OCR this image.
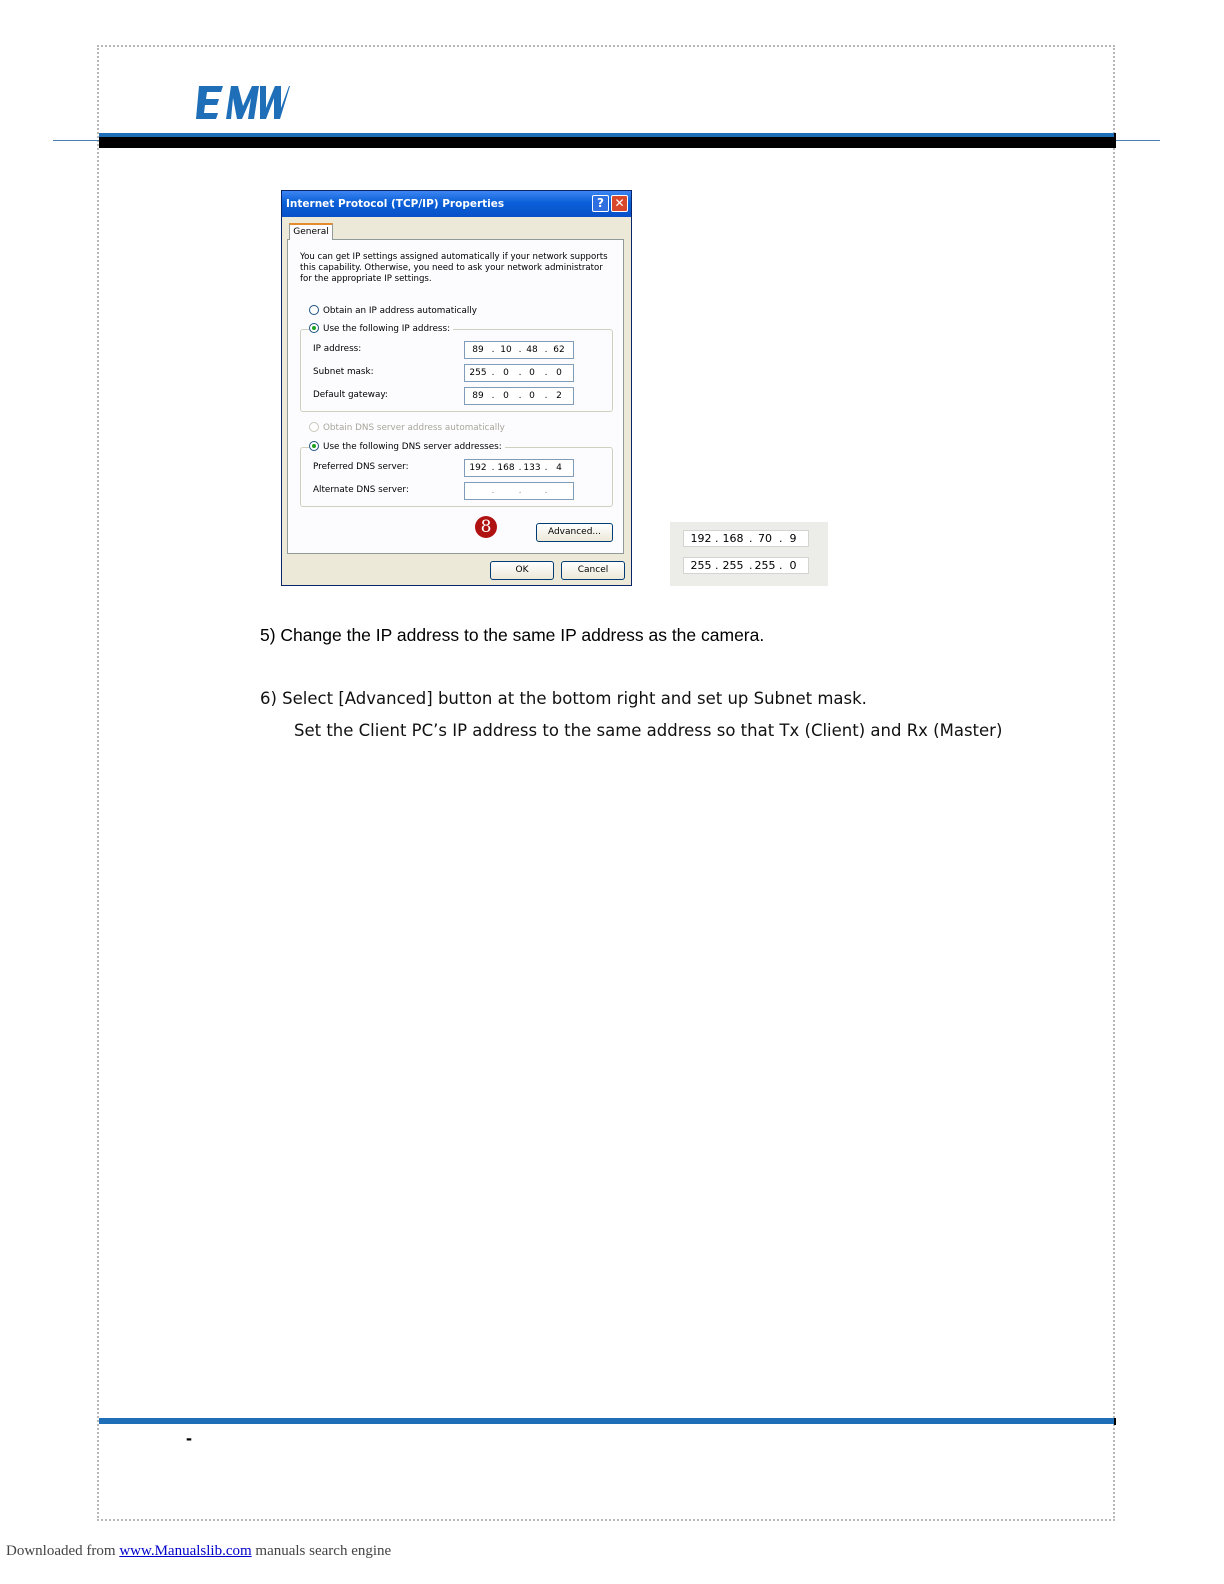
Internet Protocol (TCP/IP) Properties	? ✕
General
You can get IP settings assigned automatically if your network supports this capability. Otherwise, you need to ask your network administrator for the appropriate IP settings.
Obtain an IP address automatically
Use the following IP address:
IP address:	89 . 10 . 48 . 62
Subnet mask:	255 . 0	. 0	. 0
Default gateway:	89 . 0	. 0	. 2
Obtain DNS server address automatically
Use the following DNS server addresses:
Preferred DNS server:	192 . 168 . 133 . 4
Alternate DNS server:	.	.	.
Advanced...
OK	Cancel
8
192 . 168 . 70 . 9
255 . 255 . 255 . 0
5) Change the IP address to the same IP address as the camera.
6) Select [Advanced] button at the bottom right and set up Subnet mask.
Set the Client PC’s IP address to the same address so that Tx (Client) and Rx (Master)
-
Downloaded from www.Manualslib.com manuals search engine
